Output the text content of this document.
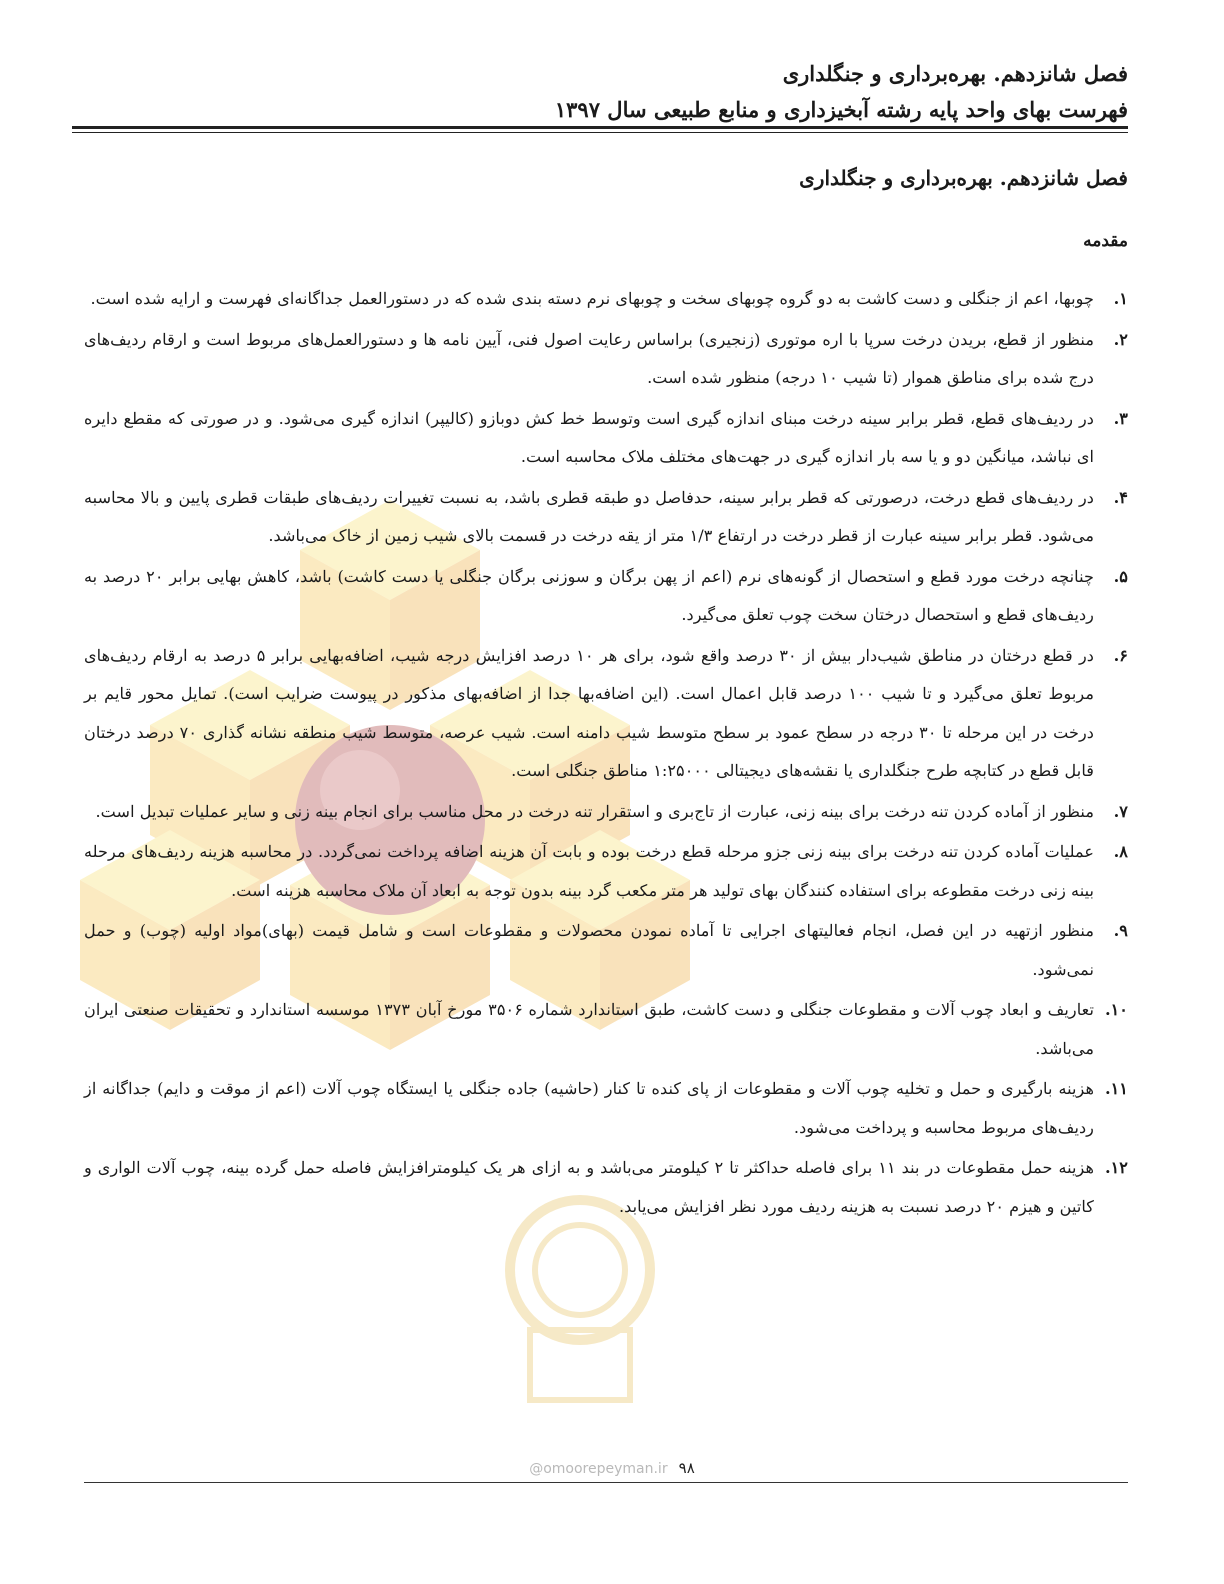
فصل شانزدهم. بهره‌برداری و جنگلداری

فهرست بهای واحد پایه رشته آبخیزداری و منابع طبیعی سال ۱۳۹۷

فصل شانزدهم. بهره‌برداری و جنگلداری
مقدمه
۱.
چوبها، اعم از جنگلی و دست کاشت به دو گروه چوبهای سخت و چوبهای نرم دسته بندی شده که در دستورالعمل جداگانه‌ای فهرست و ارایه شده است.
۲.
منظور از قطع، بریدن درخت سرپا با اره موتوری (زنجیری) براساس رعایت اصول فنی، آیین نامه ها و دستورالعمل‌های مربوط است و ارقام ردیف‌های درج شده برای مناطق هموار (تا شیب ۱۰ درجه) منظور شده است.
۳.
در ردیف‌های قطع، قطر برابر سینه درخت مبنای اندازه گیری است وتوسط خط کش دوبازو (کالیپر) اندازه گیری می‌شود. و در صورتی که مقطع دایره ای نباشد، میانگین دو و یا سه بار اندازه گیری در جهت‌های مختلف ملاک محاسبه است.
۴.
در ردیف‌های قطع درخت، درصورتی که قطر برابر سینه، حدفاصل دو طبقه قطری باشد، به نسبت تغییرات ردیف‌های طبقات قطری پایین و بالا محاسبه می‌شود. قطر برابر سینه عبارت از قطر درخت در ارتفاع ۱/۳ متر از یقه درخت در قسمت بالای شیب زمین از خاک می‌باشد.
۵.
چنانچه درخت مورد قطع و استحصال از گونه‌های نرم (اعم از پهن برگان و سوزنی برگان جنگلی یا دست کاشت) باشد، کاهش بهایی برابر ۲۰ درصد به ردیف‌های قطع و استحصال درختان سخت چوب تعلق می‌گیرد.
۶.
در قطع درختان در مناطق شیب‌دار بیش از ۳۰ درصد واقع شود، برای هر ۱۰ درصد افزایش درجه شیب، اضافه‌بهایی برابر ۵ درصد به ارقام ردیف‌های مربوط تعلق می‌گیرد و تا شیب ۱۰۰ درصد قابل اعمال است. (این اضافه‌بها جدا از اضافه‌بهای مذکور در پیوست ضرایب است). تمایل محور قایم بر درخت در این مرحله تا ۳۰ درجه در سطح عمود بر سطح متوسط شیب دامنه است. شیب عرصه، متوسط شیب منطقه نشانه گذاری ۷۰ درصد درختان قابل قطع در کتابچه طرح جنگلداری یا نقشه‌های دیجیتالی ۱:۲۵۰۰۰ مناطق جنگلی است.
۷.
منظور از آماده کردن تنه درخت برای بینه زنی، عبارت از تاج‌بری و استقرار تنه درخت در محل مناسب برای انجام بینه زنی و سایر عملیات تبدیل است.
۸.
عملیات آماده کردن تنه درخت برای بینه زنی جزو مرحله قطع درخت بوده و بابت آن هزینه اضافه پرداخت نمی‌گردد. در محاسبه هزینه ردیف‌های مرحله بینه زنی درخت مقطوعه برای استفاده کنندگان بهای تولید هر متر مکعب گرد بینه بدون توجه به ابعاد آن ملاک محاسبه هزینه است.
۹.
منظور ازتهیه در این فصل، انجام فعالیتهای اجرایی تا آماده نمودن محصولات و مقطوعات است و شامل قیمت (بهای)مواد اولیه (چوب) و حمل نمی‌شود.
۱۰.
تعاریف و ابعاد چوب آلات و مقطوعات جنگلی و دست کاشت، طبق استاندارد شماره ۳۵۰۶ مورخ آبان ۱۳۷۳ موسسه استاندارد و تحقیقات صنعتی ایران می‌باشد.
۱۱.
هزینه بارگیری و حمل و تخلیه چوب آلات و مقطوعات از پای کنده تا کنار (حاشیه) جاده جنگلی یا ایستگاه چوب آلات (اعم از موقت و دایم) جداگانه از ردیف‌های مربوط محاسبه و پرداخت می‌شود.
۱۲.
هزینه حمل مقطوعات در بند ۱۱ برای فاصله حداکثر تا ۲ کیلومتر می‌باشد و به ازای هر یک کیلومترافزایش فاصله حمل گرده بینه، چوب آلات الواری و کاتین و هیزم ۲۰ درصد نسبت به هزینه ردیف مورد نظر افزایش می‌یابد.
۹۸ @omoorepeyman.ir
